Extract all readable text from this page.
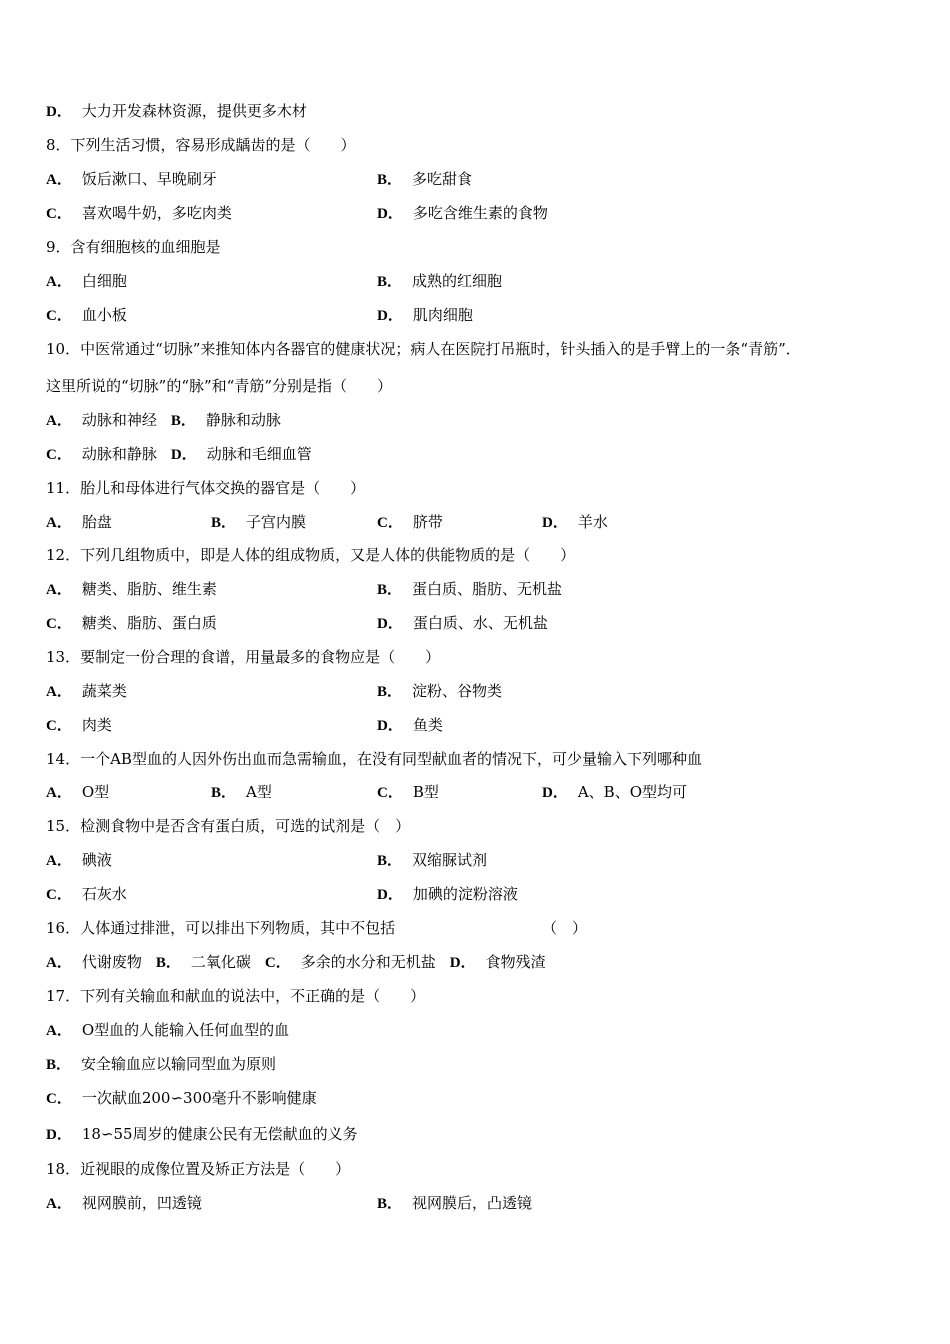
D． 大力开发森林资源，提供更多木材
8．下列生活习惯，容易形成龋齿的是（　　）
A． 饭后漱口、早晚刷牙	B． 多吃甜食
C． 喜欢喝牛奶，多吃肉类	D． 多吃含维生素的食物
9．含有细胞核的血细胞是
A． 白细胞	B． 成熟的红细胞
C． 血小板	D． 肌肉细胞
10．中医常通过“切脉”来推知体内各器官的健康状况；病人在医院打吊瓶时，针头插入的是手臂上的一条“青筋”．
这里所说的“切脉”的“脉”和“青筋”分别是指（　　）
A． 动脉和神经 B． 静脉和动脉
C． 动脉和静脉 D． 动脉和毛细血管
11．胎儿和母体进行气体交换的器官是（　　）
A． 胎盘	B． 子宫内膜	C． 脐带	D． 羊水
12．下列几组物质中，即是人体的组成物质，又是人体的供能物质的是（　　）
A． 糖类、脂肪、维生素	B． 蛋白质、脂肪、无机盐
C． 糖类、脂肪、蛋白质	D． 蛋白质、水、无机盐
13．要制定一份合理的食谱，用量最多的食物应是（　　）
A． 蔬菜类	B． 淀粉、谷物类
C． 肉类	D． 鱼类
14．一个AB型血的人因外伤出血而急需输血，在没有同型献血者的情况下，可少量输入下列哪种血
A． O型	B． A型	C． B型	D． A、B、O型均可
15．检测食物中是否含有蛋白质，可选的试剂是（　）
A． 碘液	B． 双缩脲试剂
C． 石灰水	D． 加碘的淀粉溶液
16．人体通过排泄，可以排出下列物质，其中不包括	（　）
A． 代谢废物 B． 二氧化碳 C． 多余的水分和无机盐 D． 食物残渣
17．下列有关输血和献血的说法中，不正确的是（　　）
A． O型血的人能输入任何血型的血
B． 安全输血应以输同型血为原则
C． 一次献血200∽300毫升不影响健康
D． 18∽55周岁的健康公民有无偿献血的义务
18．近视眼的成像位置及矫正方法是（　　）
A． 视网膜前，凹透镜	B． 视网膜后，凸透镜
